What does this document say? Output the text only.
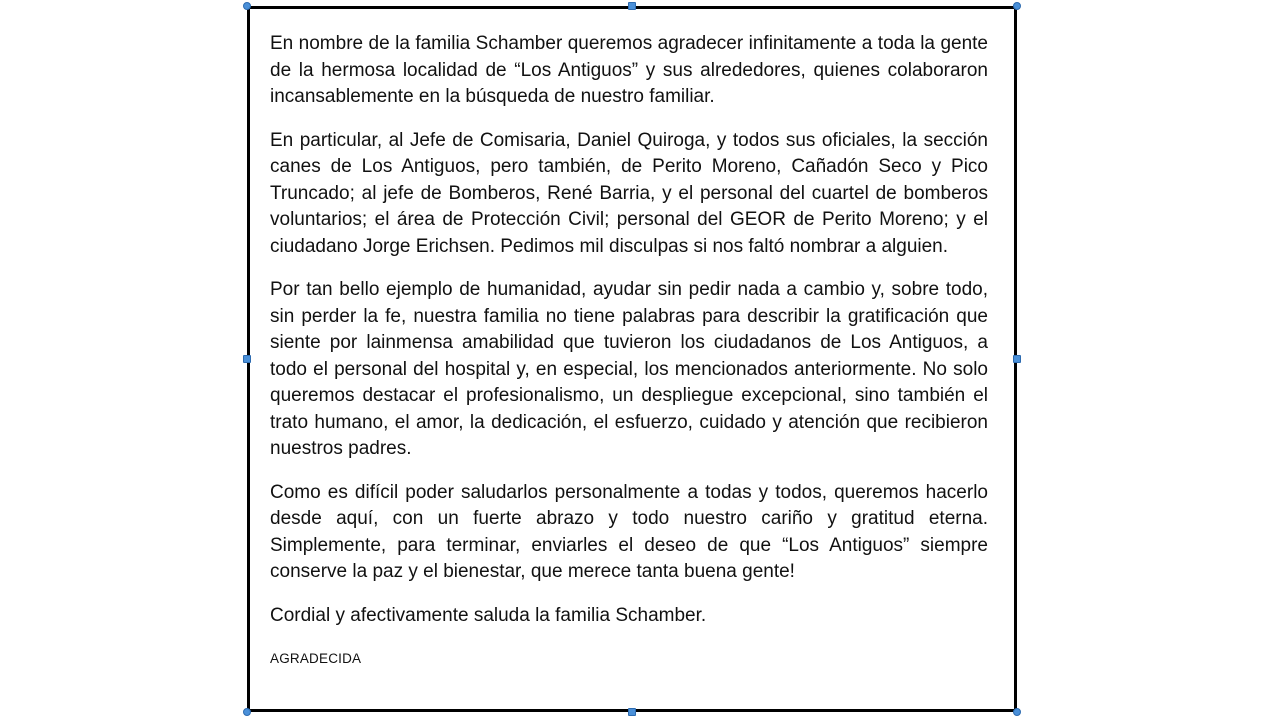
En nombre de la familia Schamber queremos agradecer infinitamente a toda la gente de la hermosa localidad de “Los Antiguos” y sus alrededores, quienes colaboraron incansablemente en la búsqueda de nuestro familiar.

En particular, al Jefe de Comisaria, Daniel Quiroga, y todos sus oficiales, la sección canes de Los Antiguos, pero también, de Perito Moreno, Cañadón Seco y Pico Truncado; al jefe de Bomberos, René Barria, y el personal del cuartel de bomberos voluntarios; el área de Protección Civil; personal del GEOR de Perito Moreno; y el ciudadano Jorge Erichsen. Pedimos mil disculpas si nos faltó nombrar a alguien.

Por tan bello ejemplo de humanidad, ayudar sin pedir nada a cambio y, sobre todo, sin perder la fe, nuestra familia no tiene palabras para describir la gratificación que siente por lainmensa amabilidad que tuvieron los ciudadanos de Los Antiguos, a todo el personal del hospital y, en especial, los mencionados anteriormente. No solo queremos destacar el profesionalismo, un despliegue excepcional, sino también el trato humano, el amor, la dedicación, el esfuerzo, cuidado y atención que recibieron nuestros padres.

Como es difícil poder saludarlos personalmente a todas y todos, queremos hacerlo desde aquí, con un fuerte abrazo y todo nuestro cariño y gratitud eterna. Simplemente, para terminar, enviarles el deseo de que “Los Antiguos” siempre conserve la paz y el bienestar, que merece tanta buena gente!

Cordial y afectivamente saluda la familia Schamber.

AGRADECIDA
